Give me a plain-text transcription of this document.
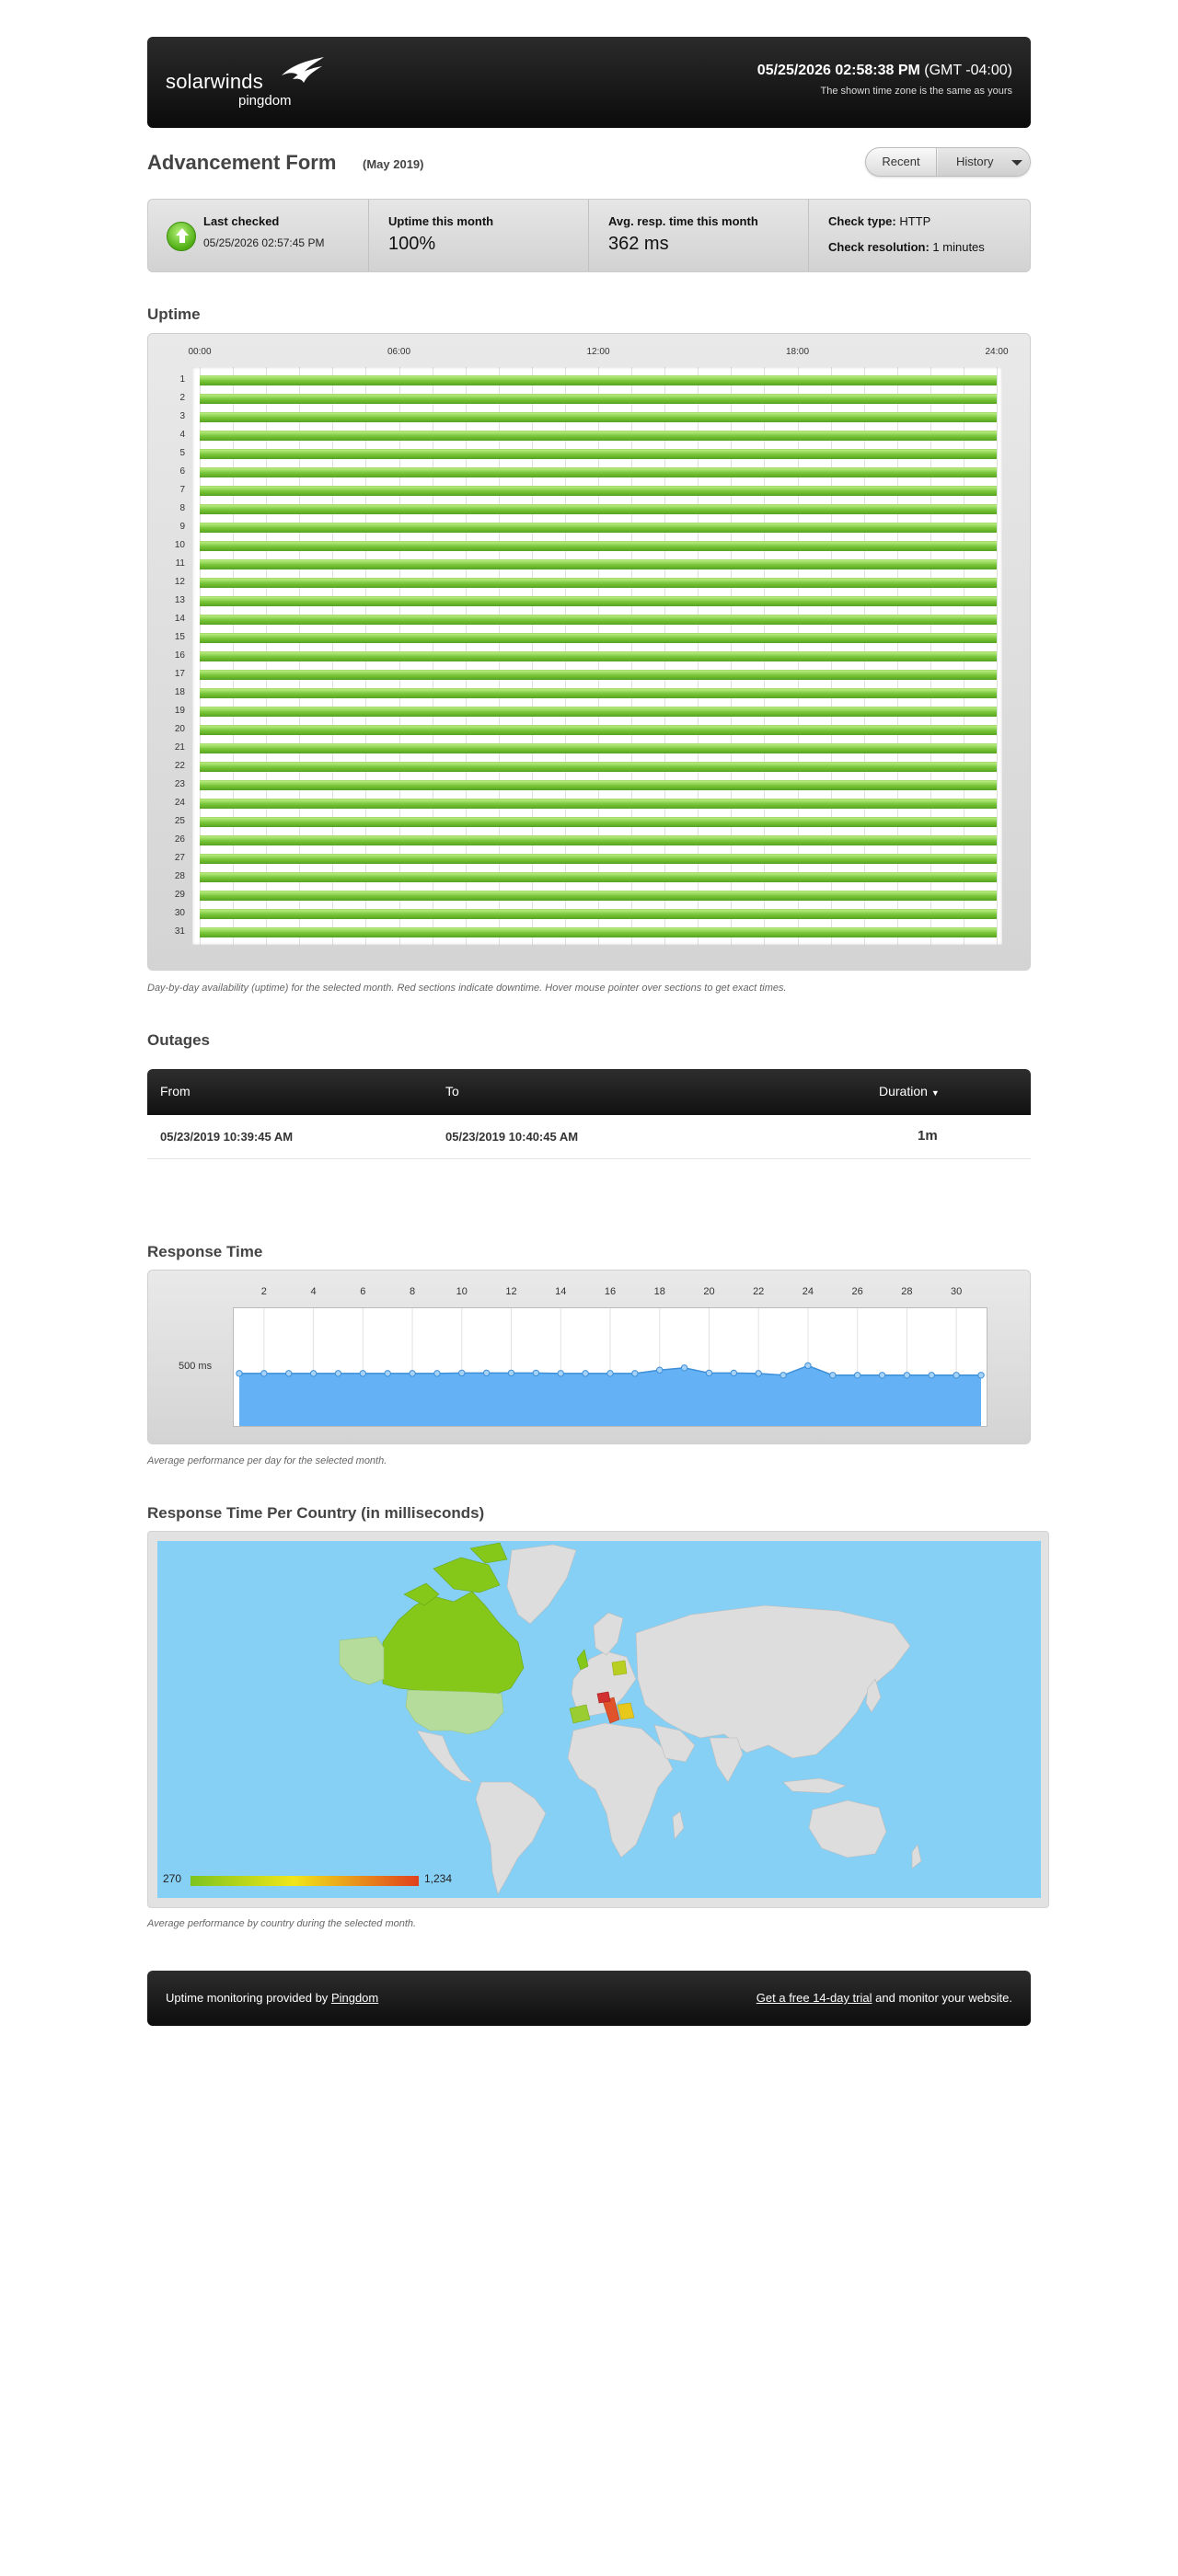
solarwinds
pingdom
05/25/2026 02:58:38 PM (GMT -04:00)
The shown time zone is the same as yours
Advancement Form (May 2019)	Recent	History
Last checked
05/25/2026 02:57:45 PM
Uptime this month
100%
Avg. resp. time this month
362 ms
Check type: HTTP
Check resolution: 1 minutes
Uptime
00:00	06:00	12:00	18:00	24:00
1
2
3
4
5
6
7
8
9
10
11
12
13
14
15
16
17
18
19
20
21
22
23
24
25
26
27
28
29
30
31
Day-by-day availability (uptime) for the selected month. Red sections indicate downtime. Hover mouse pointer over sections to get exact times.
Outages
From	To	Duration ▼
05/23/2019 10:39:45 AM	05/23/2019 10:40:45 AM	1m
Response Time
500 ms
2	4	6	8	10	12	14	16	18	20	22	24	26	28	30
Average performance per day for the selected month.
Response Time Per Country (in milliseconds)
270	1,234
Average performance by country during the selected month.
Uptime monitoring provided by Pingdom	Get a free 14-day trial and monitor your website.
